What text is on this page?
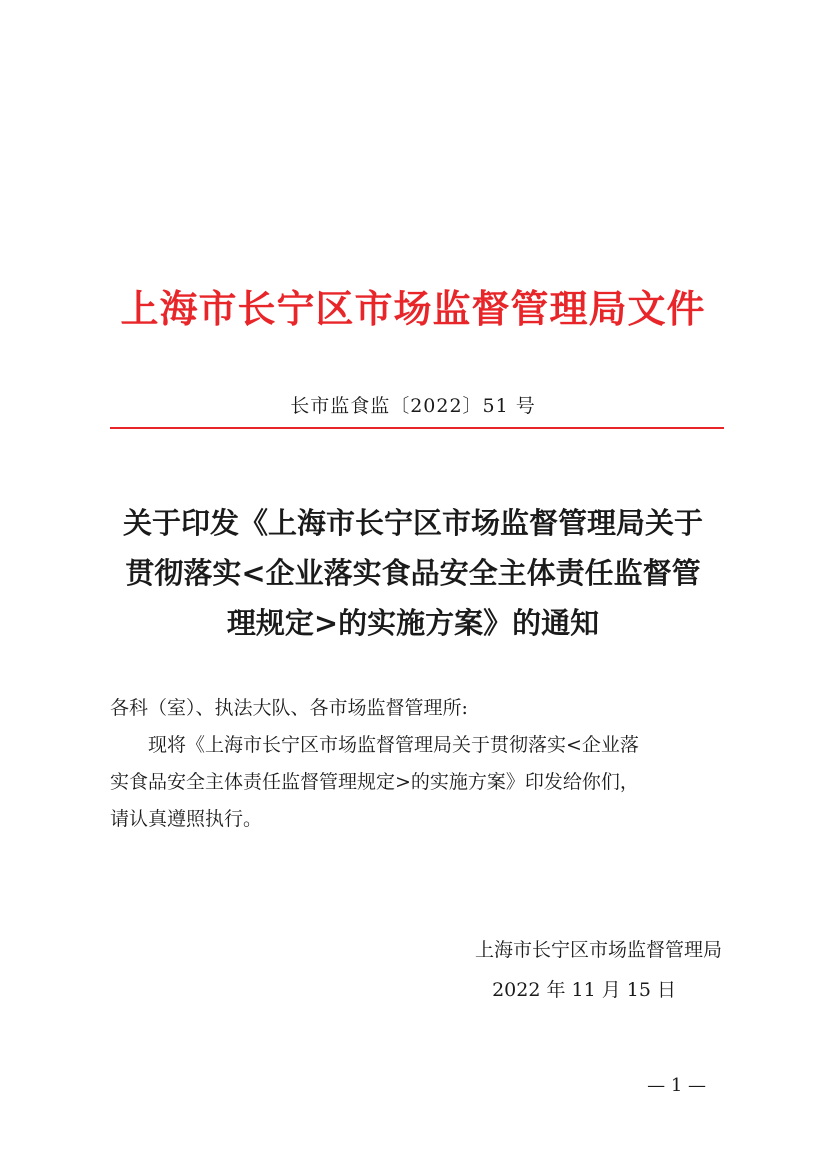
上海市长宁区市场监督管理局文件
长市监食监〔2022〕51 号
关于印发《上海市长宁区市场监督管理局关于
贯彻落实<企业落实食品安全主体责任监督管
理规定>的实施方案》的通知
各科（室）、执法大队、各市场监督管理所:
现将《上海市长宁区市场监督管理局关于贯彻落实<企业落
实食品安全主体责任监督管理规定>的实施方案》印发给你们，
请认真遵照执行。
上海市长宁区市场监督管理局
2022 年 11 月 15 日
— 1 —
